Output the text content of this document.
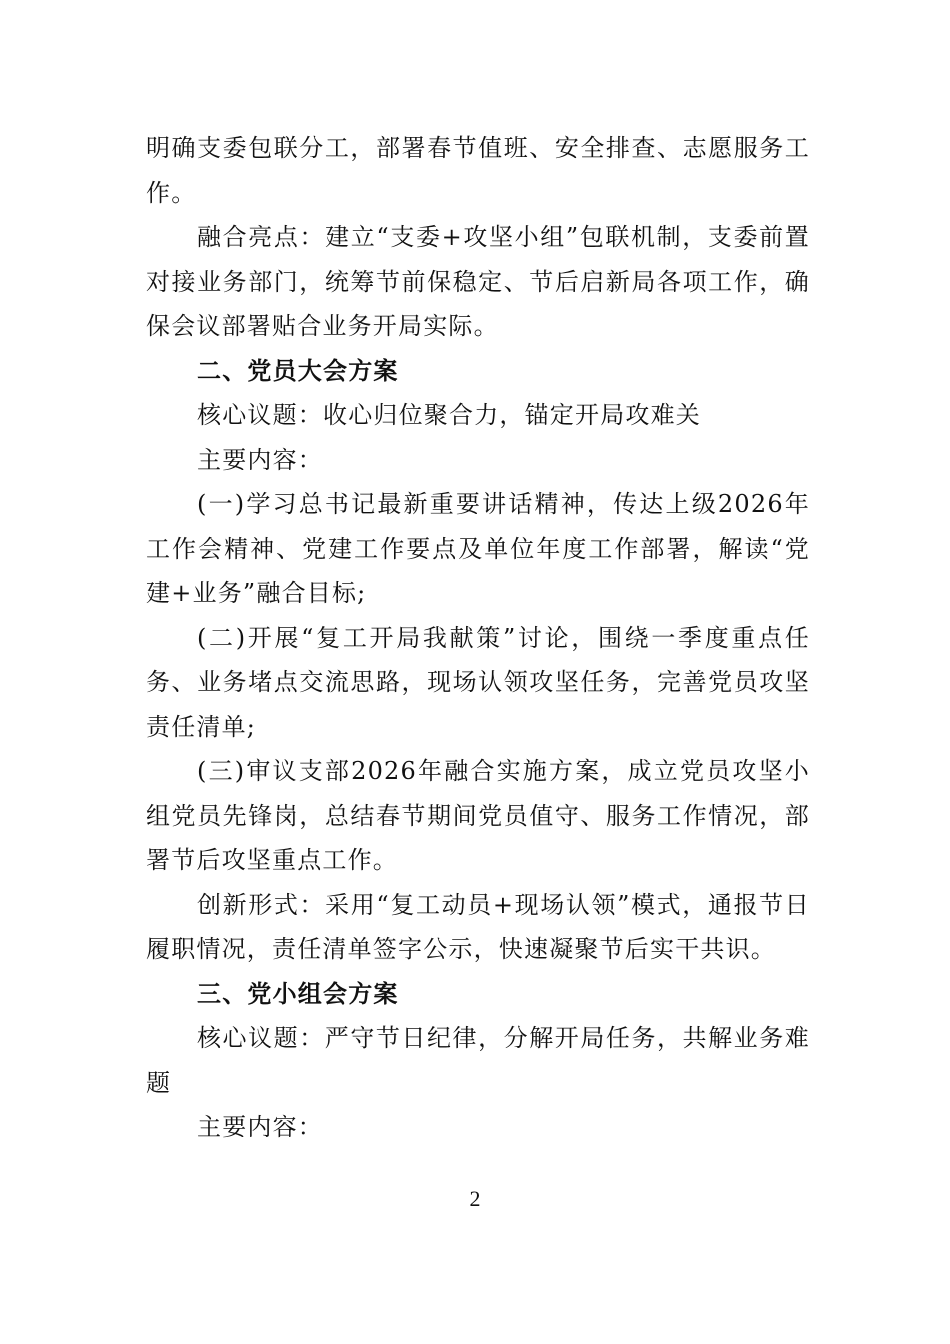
明确支委包联分工，部署春节值班、安全排查、志愿服务工作。

融合亮点：建立“支委+攻坚小组”包联机制，支委前置对接业务部门，统筹节前保稳定、节后启新局各项工作，确保会议部署贴合业务开局实际。

二、党员大会方案

核心议题：收心归位聚合力，锚定开局攻难关

主要内容：

(一)学习总书记最新重要讲话精神，传达上级2026年工作会精神、党建工作要点及单位年度工作部署，解读“党建+业务”融合目标;

(二)开展“复工开局我献策”讨论，围绕一季度重点任务、业务堵点交流思路，现场认领攻坚任务，完善党员攻坚责任清单;

(三)审议支部2026年融合实施方案，成立党员攻坚小组党员先锋岗，总结春节期间党员值守、服务工作情况，部署节后攻坚重点工作。

创新形式：采用“复工动员+现场认领”模式，通报节日履职情况，责任清单签字公示，快速凝聚节后实干共识。

三、党小组会方案

核心议题：严守节日纪律，分解开局任务，共解业务难题

主要内容：

2
